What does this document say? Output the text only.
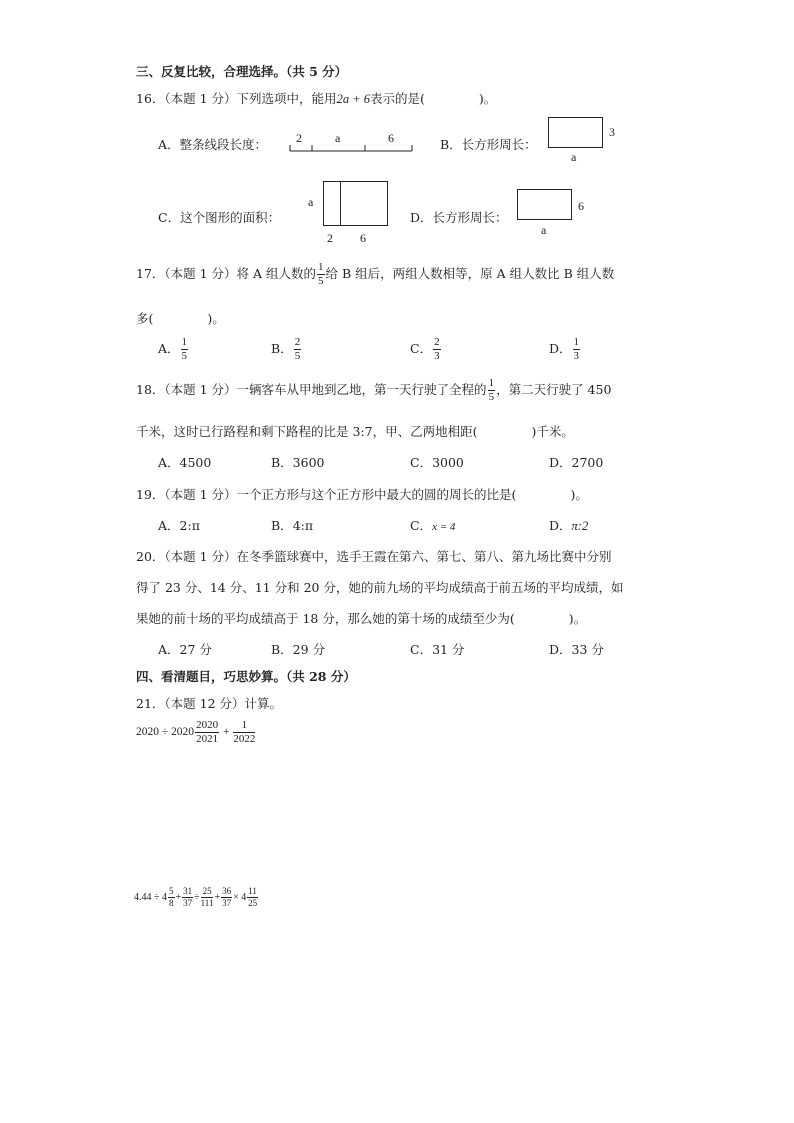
三、反复比较，合理选择。（共 5 分）
16．（本题 1 分）下列选项中，能用2a + 6表示的是(	)。
A．整条线段长度： 2	a	6	B．长方形周长：
3
a
C．这个图形的面积：
a
2 6
D．长方形周长：
6
a
17．（本题 1 分）将 A 组人数的 $\frac{1}{5}$ 给 B 组后，两组人数相等，原 A 组人数比 B 组人数
多(	)。
A． $\frac{1}{5}$	B． $\frac{2}{5}$	C． $\frac{2}{3}$	D． $\frac{1}{3}$
18．（本题 1 分）一辆客车从甲地到乙地，第一天行驶了全程的 $\frac{1}{5}$ ，第二天行驶了 450
千米，这时已行路程和剩下路程的比是 3:7，甲、乙两地相距(	)千米。
A．4500	B．3600	C．3000	D．2700
19．（本题 1 分）一个正方形与这个正方形中最大的圆的周长的比是(	)。
A．2:π	B．4:π	C．x = 4	D．π:2
20．（本题 1 分）在冬季篮球赛中，选手王霞在第六、第七、第八、第九场比赛中分别
得了 23 分、14 分、11 分和 20 分，她的前九场的平均成绩高于前五场的平均成绩，如
果她的前十场的平均成绩高于 18 分，那么她的第十场的成绩至少为(	)。
A．27 分	B．29 分	C．31 分	D．33 分
四、看清题目，巧思妙算。（共 28 分）
21．（本题 12 分）计算。
$2020 \div 2020 \frac{2020}{2021} + \frac{1}{2022}$
$4.44 \div 4 \frac{5}{8} + \frac{31}{37} \div \frac{25}{111} + \frac{36}{37} \times 4 \frac{11}{25}$
